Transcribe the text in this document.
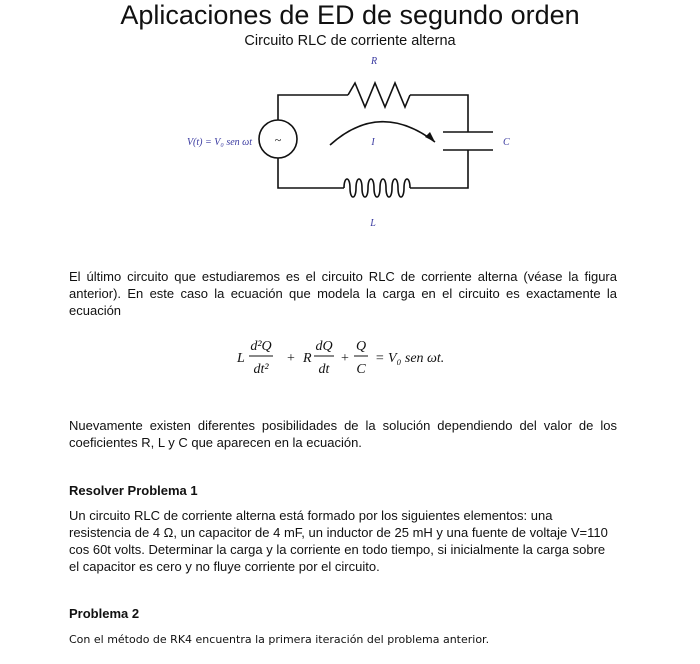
Aplicaciones de ED de segundo orden
Circuito RLC de corriente alterna
~
R
C
L
I
V(t) = V₀ sen ωt

El último circuito que estudiaremos es el circuito RLC de corriente alterna (véase la figura anterior). En este caso la ecuación que modela la carga en el circuito es exactamente la ecuación

L
d²Q
dt²
+ R
dQ
dt
+
Q
C
= V₀ sen ωt.

Nuevamente existen diferentes posibilidades de la solución dependiendo del valor de los coeficientes R, L y C que aparecen en la ecuación.

Resolver Problema 1

Un circuito RLC de corriente alterna está formado por los siguientes elementos: una resistencia de 4 Ω, un capacitor de 4 mF, un inductor de 25 mH y una fuente de voltaje V=110 cos 60t volts. Determinar la carga y la corriente en todo tiempo, si inicialmente la carga sobre el capacitor es cero y no fluye corriente por el circuito.

Problema 2

Con el método de RK4 encuentra la primera iteración del problema anterior.
